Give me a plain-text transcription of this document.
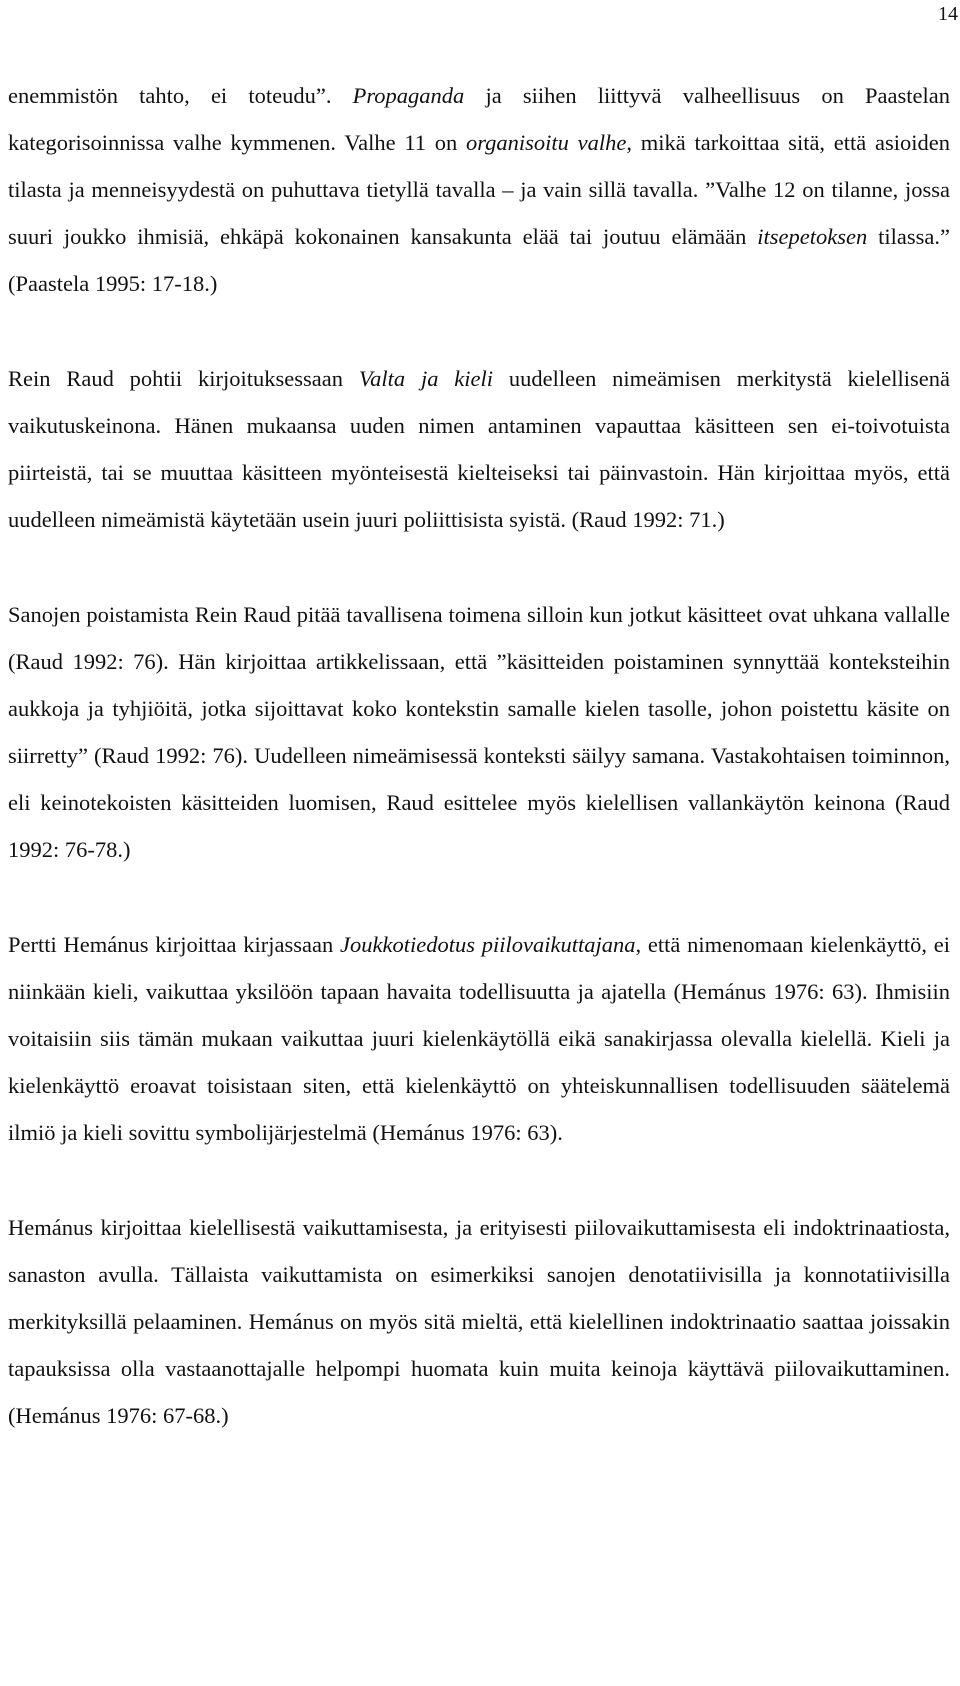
14

enemmistön tahto, ei toteudu”. Propaganda ja siihen liittyvä valheellisuus on Paastelan kategorisoinnissa valhe kymmenen. Valhe 11 on organisoitu valhe, mikä tarkoittaa sitä, että asioiden tilasta ja menneisyydestä on puhuttava tietyllä tavalla – ja vain sillä tavalla. ”Valhe 12 on tilanne, jossa suuri joukko ihmisiä, ehkäpä kokonainen kansakunta elää tai joutuu elämään itsepetoksen tilassa.” (Paastela 1995: 17-18.)

Rein Raud pohtii kirjoituksessaan Valta ja kieli uudelleen nimeämisen merkitystä kielellisenä vaikutuskeinona. Hänen mukaansa uuden nimen antaminen vapauttaa käsitteen sen ei-toivotuista piirteistä, tai se muuttaa käsitteen myönteisestä kielteiseksi tai päinvastoin. Hän kirjoittaa myös, että uudelleen nimeämistä käytetään usein juuri poliittisista syistä. (Raud 1992: 71.)

Sanojen poistamista Rein Raud pitää tavallisena toimena silloin kun jotkut käsitteet ovat uhkana vallalle (Raud 1992: 76). Hän kirjoittaa artikkelissaan, että ”käsitteiden poistaminen synnyttää konteksteihin aukkoja ja tyhjiöitä, jotka sijoittavat koko kontekstin samalle kielen tasolle, johon poistettu käsite on siirretty” (Raud 1992: 76). Uudelleen nimeämisessä konteksti säilyy samana. Vastakohtaisen toiminnon, eli keinotekoisten käsitteiden luomisen, Raud esittelee myös kielellisen vallankäytön keinona (Raud 1992: 76-78.)

Pertti Hemánus kirjoittaa kirjassaan Joukkotiedotus piilovaikuttajana, että nimenomaan kielenkäyttö, ei niinkään kieli, vaikuttaa yksilöön tapaan havaita todellisuutta ja ajatella (Hemánus 1976: 63). Ihmisiin voitaisiin siis tämän mukaan vaikuttaa juuri kielenkäytöllä eikä sanakirjassa olevalla kielellä. Kieli ja kielenkäyttö eroavat toisistaan siten, että kielenkäyttö on yhteiskunnallisen todellisuuden säätelemä ilmiö ja kieli sovittu symbolijärjestelmä (Hemánus 1976: 63).

Hemánus kirjoittaa kielellisestä vaikuttamisesta, ja erityisesti piilovaikuttamisesta eli indoktrinaatiosta, sanaston avulla. Tällaista vaikuttamista on esimerkiksi sanojen denotatiivisilla ja konnotatiivisilla merkityksillä pelaaminen. Hemánus on myös sitä mieltä, että kielellinen indoktrinaatio saattaa joissakin tapauksissa olla vastaanottajalle helpompi huomata kuin muita keinoja käyttävä piilovaikuttaminen. (Hemánus 1976: 67-68.)
